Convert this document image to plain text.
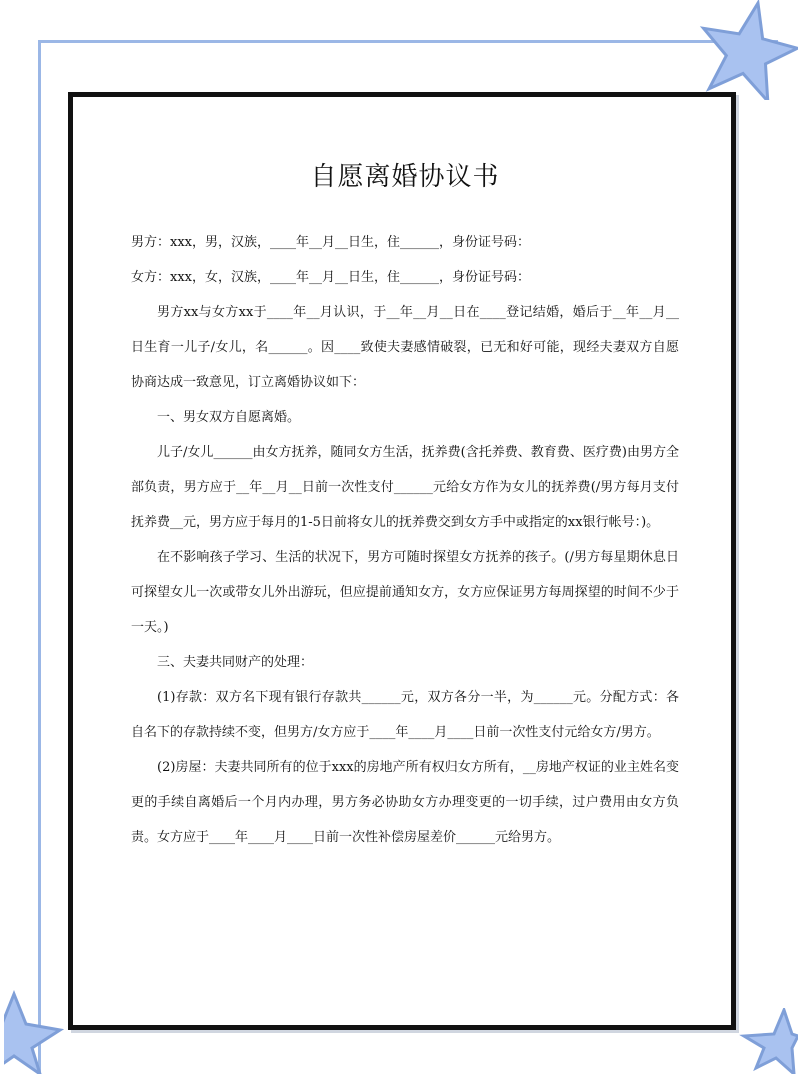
自愿离婚协议书

男方：xxx，男，汉族，____年__月__日生，住______，身份证号码：

女方：xxx，女，汉族，____年__月__日生，住______，身份证号码：

男方xx与女方xx于____年__月认识，于__年__月__日在____登记结婚，婚后于__年__月__日生育一儿子/女儿，名______。因____致使夫妻感情破裂，已无和好可能，现经夫妻双方自愿协商达成一致意见，订立离婚协议如下：

一、男女双方自愿离婚。

儿子/女儿______由女方抚养，随同女方生活，抚养费(含托养费、教育费、医疗费)由男方全部负责，男方应于__年__月__日前一次性支付______元给女方作为女儿的抚养费(/男方每月支付抚养费__元，男方应于每月的1-5日前将女儿的抚养费交到女方手中或指定的xx银行帐号：)。

在不影响孩子学习、生活的状况下，男方可随时探望女方抚养的孩子。(/男方每星期休息日可探望女儿一次或带女儿外出游玩，但应提前通知女方，女方应保证男方每周探望的时间不少于一天。)

三、夫妻共同财产的处理：

(1)存款：双方名下现有银行存款共______元，双方各分一半，为______元。分配方式：各自名下的存款持续不变，但男方/女方应于____年____月____日前一次性支付元给女方/男方。

(2)房屋：夫妻共同所有的位于xxx的房地产所有权归女方所有，__房地产权证的业主姓名变更的手续自离婚后一个月内办理，男方务必协助女方办理变更的一切手续，过户费用由女方负责。女方应于____年____月____日前一次性补偿房屋差价______元给男方。
